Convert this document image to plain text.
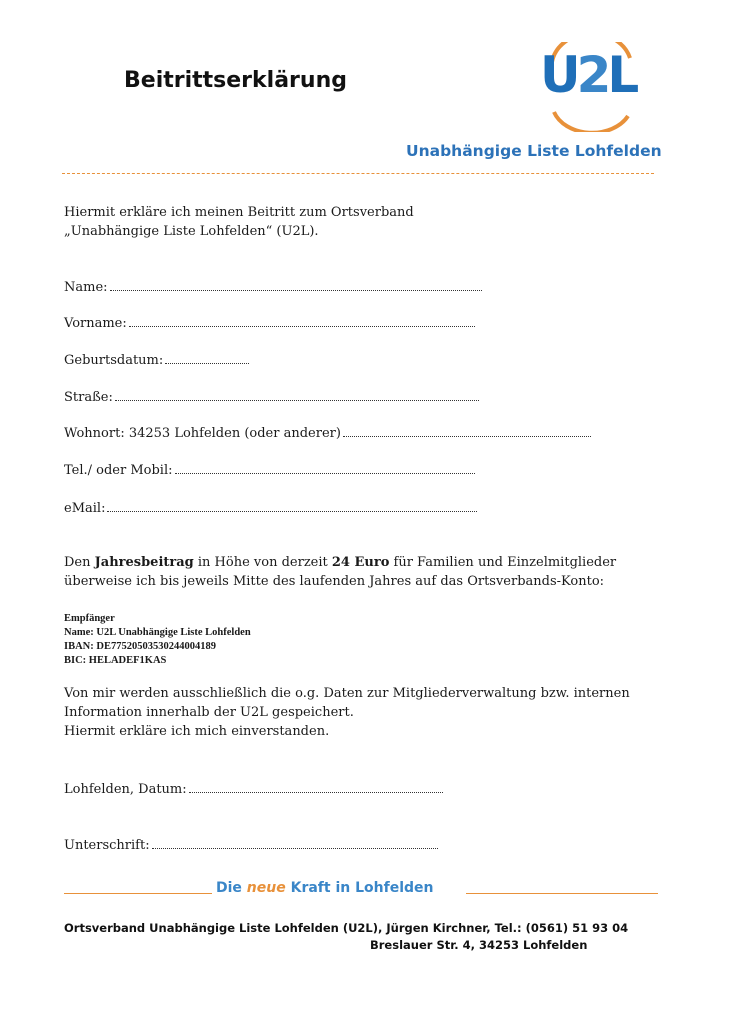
Beitrittserklärung	U2L
Unabhängige Liste Lohfelden
Hiermit erkläre ich meinen Beitritt zum Ortsverband
„Unabhängige Liste Lohfelden“ (U2L).
Name:
Vorname:
Geburtsdatum:
Straße:
Wohnort: 34253 Lohfelden (oder anderer)
Tel./ oder Mobil:
eMail:
Den Jahresbeitrag in Höhe von derzeit 24 Euro für Familien und Einzelmitglieder
überweise ich bis jeweils Mitte des laufenden Jahres auf das Ortsverbands-Konto:
Empfänger
Name: U2L Unabhängige Liste Lohfelden
IBAN: DE77520503530244004189
BIC: HELADEF1KAS
Von mir werden ausschließlich die o.g. Daten zur Mitgliederverwaltung bzw. internen
Information innerhalb der U2L gespeichert.
Hiermit erkläre ich mich einverstanden.
Lohfelden, Datum:
Unterschrift:
Die neue Kraft in Lohfelden
Ortsverband Unabhängige Liste Lohfelden (U2L), Jürgen Kirchner, Tel.: (0561) 51 93 04
Breslauer Str. 4, 34253 Lohfelden
